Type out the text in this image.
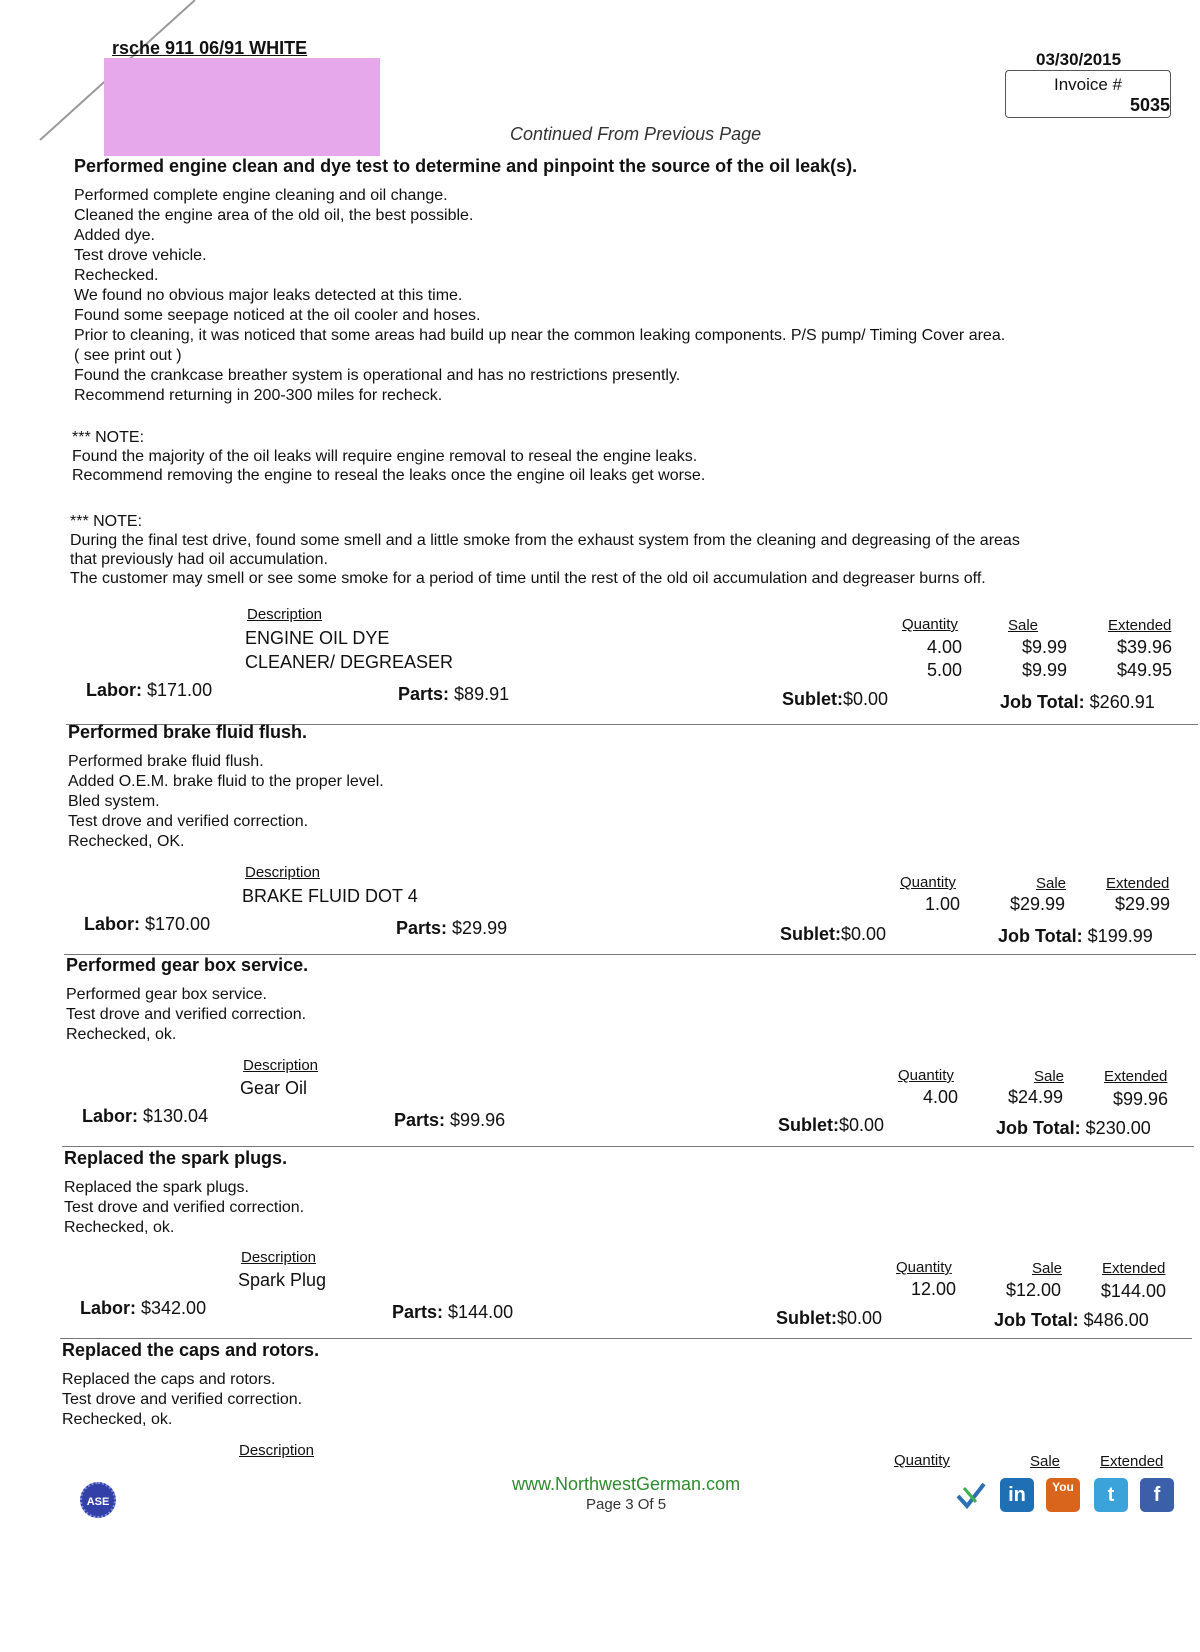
rsche 911 06/91 WHITE
03/30/2015
Invoice #
5035
Continued From Previous Page
Performed engine clean and dye test to determine and pinpoint the source of the oil leak(s).
Performed complete engine cleaning and oil change.
Cleaned the engine area of the old oil, the best possible.
Added dye.
Test drove vehicle.
Rechecked.
We found no obvious major leaks detected at this time.
Found some seepage noticed at the oil cooler and hoses.
Prior to cleaning, it was noticed that some areas had build up near the common leaking components. P/S pump/ Timing Cover area.
( see print out )
Found the crankcase breather system is operational and has no restrictions presently.
Recommend returning in 200-300 miles for recheck.
*** NOTE:
Found the majority of the oil leaks will require engine removal to reseal the engine leaks.
Recommend removing the engine to reseal the leaks once the engine oil leaks get worse.
*** NOTE:
During the final test drive, found some smell and a little smoke from the exhaust system from the cleaning and degreasing of the areas
that previously had oil accumulation.
The customer may smell or see some smoke for a period of time until the rest of the old oil accumulation and degreaser burns off.
Description
Quantity	Sale	Extended
ENGINE OIL DYE	4.00	$9.99	$39.96
CLEANER/ DEGREASER	5.00	$9.99	$49.95
Labor: $171.00	Parts: $89.91	Sublet:$0.00	Job Total: $260.91
Performed brake fluid flush.
Performed brake fluid flush.
Added O.E.M. brake fluid to the proper level.
Bled system.
Test drove and verified correction.
Rechecked, OK.
Description
Quantity	Sale	Extended
BRAKE FLUID DOT 4	1.00	$29.99	$29.99
Labor: $170.00	Parts: $29.99	Sublet:$0.00	Job Total: $199.99
Performed gear box service.
Performed gear box service.
Test drove and verified correction.
Rechecked, ok.
Description
Quantity	Sale	Extended
Gear Oil	4.00	$24.99	$99.96
Labor: $130.04	Parts: $99.96	Sublet:$0.00	Job Total: $230.00
Replaced the spark plugs.
Replaced the spark plugs.
Test drove and verified correction.
Rechecked, ok.
Description
Quantity	Sale	Extended
Spark Plug	12.00	$12.00	$144.00
Labor: $342.00	Parts: $144.00	Sublet:$0.00	Job Total: $486.00
Replaced the caps and rotors.
Replaced the caps and rotors.
Test drove and verified correction.
Rechecked, ok.
Description
Quantity	Sale	Extended
ASE
www.NorthwestGerman.com
Page 3 Of 5	in	You	t	f
